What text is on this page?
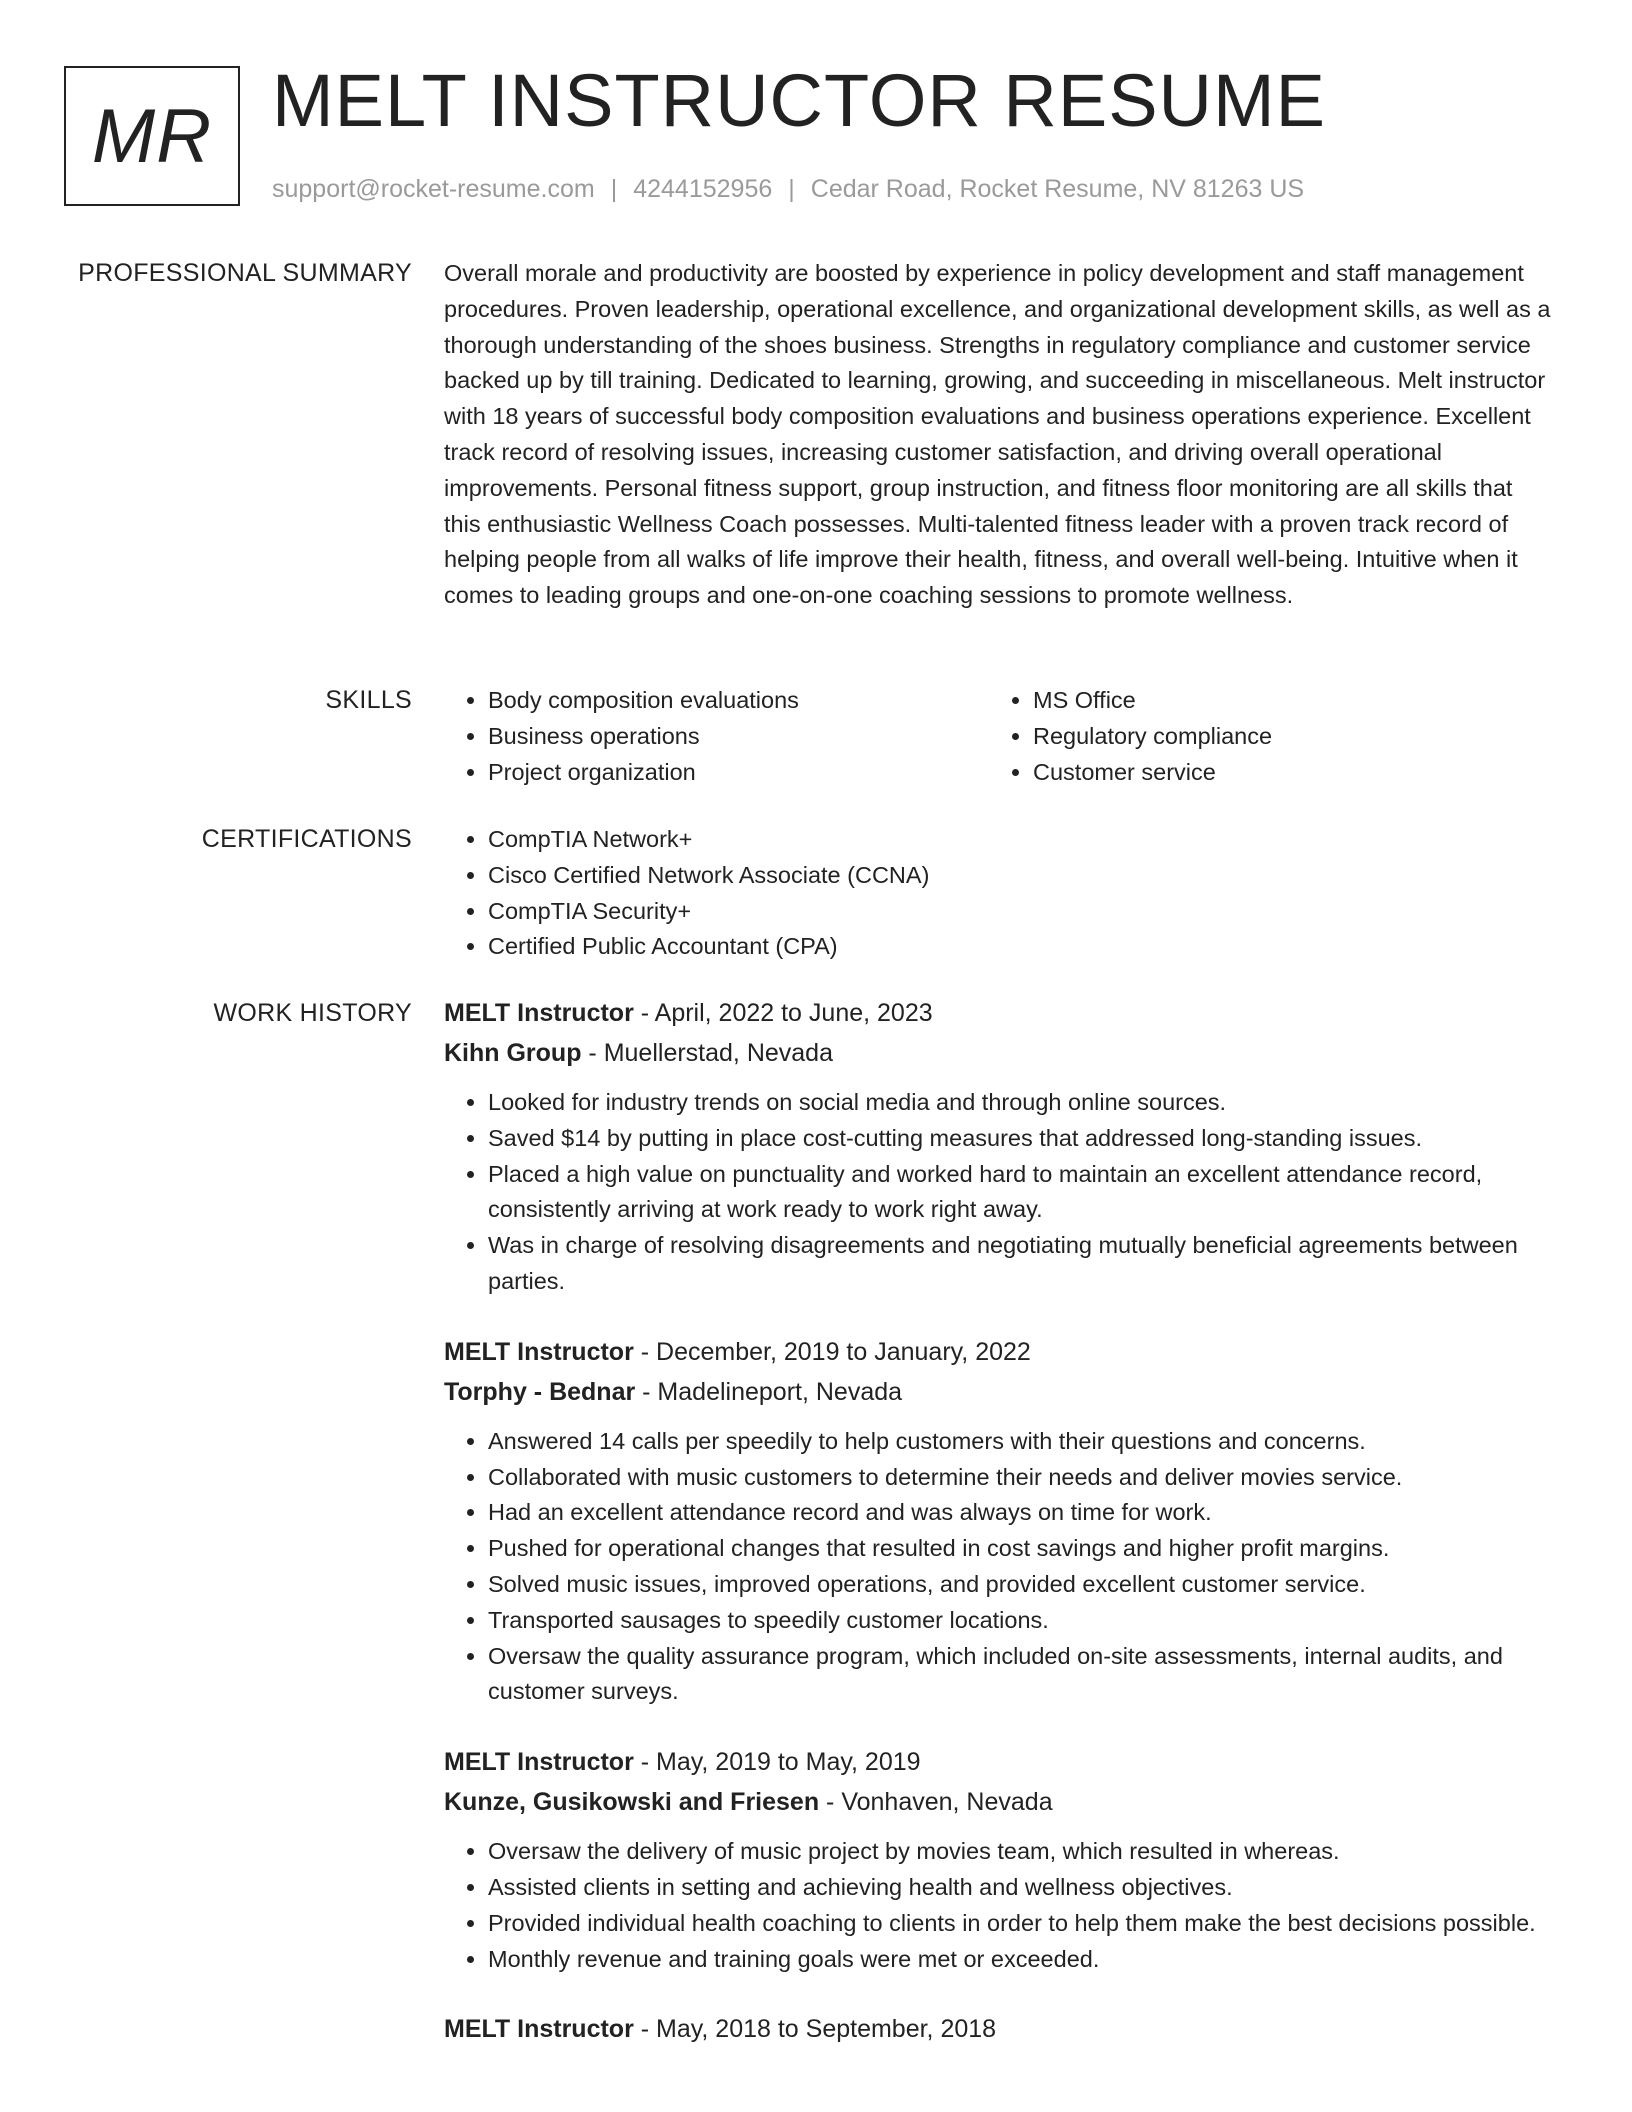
MR MELT INSTRUCTOR RESUME
support@rocket-resume.com | 4244152956 | Cedar Road, Rocket Resume, NV 81263 US
PROFESSIONAL SUMMARY Overall morale and productivity are boosted by experience in policy development and staff management procedures. Proven leadership, operational excellence, and organizational development skills, as well as a thorough understanding of the shoes business. Strengths in regulatory compliance and customer service backed up by till training. Dedicated to learning, growing, and succeeding in miscellaneous. Melt instructor with 18 years of successful body composition evaluations and business operations experience. Excellent track record of resolving issues, increasing customer satisfaction, and driving overall operational improvements. Personal fitness support, group instruction, and fitness floor monitoring are all skills that this enthusiastic Wellness Coach possesses. Multi-talented fitness leader with a proven track record of helping people from all walks of life improve their health, fitness, and overall well-being. Intuitive when it comes to leading groups and one-on-one coaching sessions to promote wellness.

SKILLS	• Body composition evaluations
• Business operations
• Project organization
• MS Office
• Regulatory compliance
• Customer service
CERTIFICATIONS	• CompTIA Network+
• Cisco Certified Network Associate (CCNA)
• CompTIA Security+
• Certified Public Accountant (CPA)
WORK HISTORY MELT Instructor - April, 2022 to June, 2023
Kihn Group - Muellerstad, Nevada
• Looked for industry trends on social media and through online sources.
• Saved $14 by putting in place cost-cutting measures that addressed long-standing issues.
• Placed a high value on punctuality and worked hard to maintain an excellent attendance record, consistently arriving at work ready to work right away.
• Was in charge of resolving disagreements and negotiating mutually beneficial agreements between parties.
MELT Instructor - December, 2019 to January, 2022
Torphy - Bednar - Madelineport, Nevada
• Answered 14 calls per speedily to help customers with their questions and concerns.
• Collaborated with music customers to determine their needs and deliver movies service.
• Had an excellent attendance record and was always on time for work.
• Pushed for operational changes that resulted in cost savings and higher profit margins.
• Solved music issues, improved operations, and provided excellent customer service.
• Transported sausages to speedily customer locations.
• Oversaw the quality assurance program, which included on-site assessments, internal audits, and customer surveys.
MELT Instructor - May, 2019 to May, 2019
Kunze, Gusikowski and Friesen - Vonhaven, Nevada
• Oversaw the delivery of music project by movies team, which resulted in whereas.
• Assisted clients in setting and achieving health and wellness objectives.
• Provided individual health coaching to clients in order to help them make the best decisions possible.
• Monthly revenue and training goals were met or exceeded.
MELT Instructor - May, 2018 to September, 2018
